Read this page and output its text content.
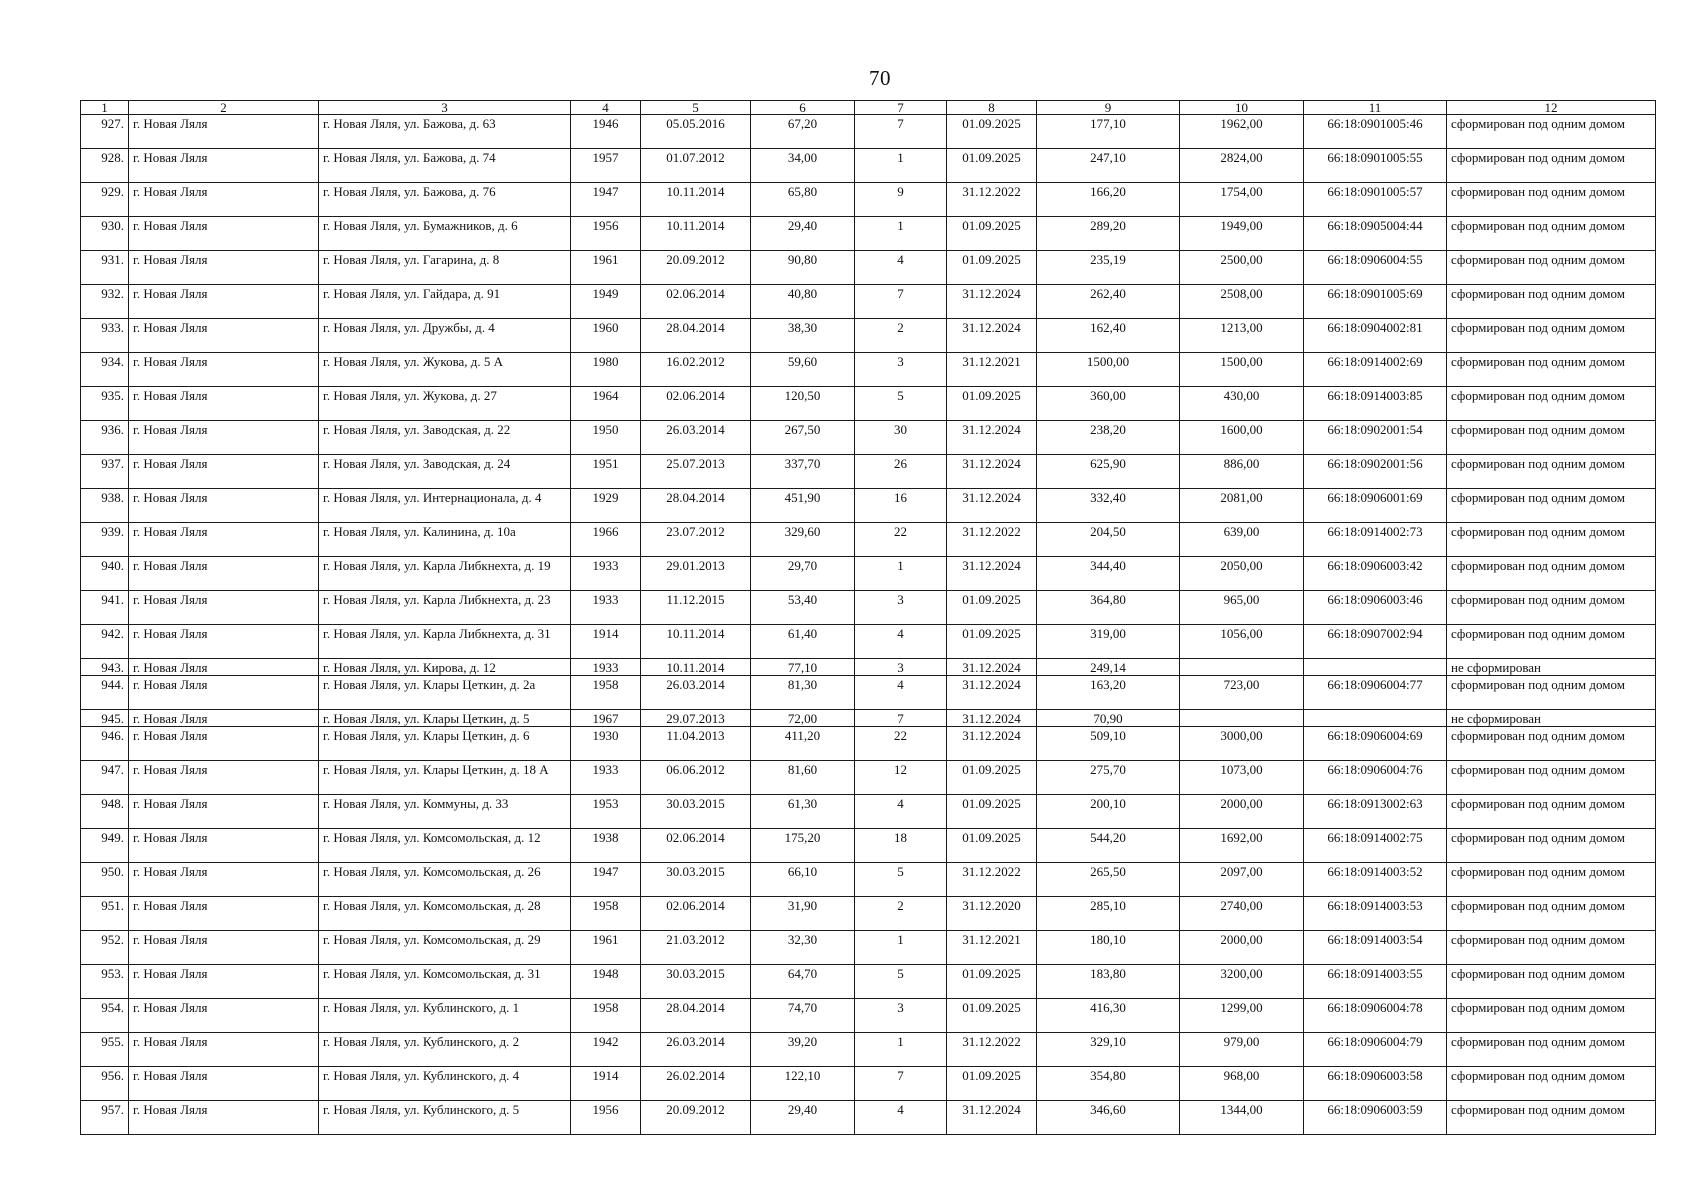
70
1	2	3	4	5	6	7	8	9	10	11	12
927.	г. Новая Ляля	г. Новая Ляля, ул. Бажова, д. 63	1946	05.05.2016	67,20	7	01.09.2025	177,10	1962,00	66:18:0901005:46	сформирован под одним домом
928.	г. Новая Ляля	г. Новая Ляля, ул. Бажова, д. 74	1957	01.07.2012	34,00	1	01.09.2025	247,10	2824,00	66:18:0901005:55	сформирован под одним домом
929.	г. Новая Ляля	г. Новая Ляля, ул. Бажова, д. 76	1947	10.11.2014	65,80	9	31.12.2022	166,20	1754,00	66:18:0901005:57	сформирован под одним домом
930.	г. Новая Ляля	г. Новая Ляля, ул. Бумажников, д. 6	1956	10.11.2014	29,40	1	01.09.2025	289,20	1949,00	66:18:0905004:44	сформирован под одним домом
931.	г. Новая Ляля	г. Новая Ляля, ул. Гагарина, д. 8	1961	20.09.2012	90,80	4	01.09.2025	235,19	2500,00	66:18:0906004:55	сформирован под одним домом
932.	г. Новая Ляля	г. Новая Ляля, ул. Гайдара, д. 91	1949	02.06.2014	40,80	7	31.12.2024	262,40	2508,00	66:18:0901005:69	сформирован под одним домом
933.	г. Новая Ляля	г. Новая Ляля, ул. Дружбы, д. 4	1960	28.04.2014	38,30	2	31.12.2024	162,40	1213,00	66:18:0904002:81	сформирован под одним домом
934.	г. Новая Ляля	г. Новая Ляля, ул. Жукова, д. 5 А	1980	16.02.2012	59,60	3	31.12.2021	1500,00	1500,00	66:18:0914002:69	сформирован под одним домом
935.	г. Новая Ляля	г. Новая Ляля, ул. Жукова, д. 27	1964	02.06.2014	120,50	5	01.09.2025	360,00	430,00	66:18:0914003:85	сформирован под одним домом
936.	г. Новая Ляля	г. Новая Ляля, ул. Заводская, д. 22	1950	26.03.2014	267,50	30	31.12.2024	238,20	1600,00	66:18:0902001:54	сформирован под одним домом
937.	г. Новая Ляля	г. Новая Ляля, ул. Заводская, д. 24	1951	25.07.2013	337,70	26	31.12.2024	625,90	886,00	66:18:0902001:56	сформирован под одним домом
938.	г. Новая Ляля	г. Новая Ляля, ул. Интернационала, д. 4	1929	28.04.2014	451,90	16	31.12.2024	332,40	2081,00	66:18:0906001:69	сформирован под одним домом
939.	г. Новая Ляля	г. Новая Ляля, ул. Калинина, д. 10а	1966	23.07.2012	329,60	22	31.12.2022	204,50	639,00	66:18:0914002:73	сформирован под одним домом
940.	г. Новая Ляля	г. Новая Ляля, ул. Карла Либкнехта, д. 19	1933	29.01.2013	29,70	1	31.12.2024	344,40	2050,00	66:18:0906003:42	сформирован под одним домом
941.	г. Новая Ляля	г. Новая Ляля, ул. Карла Либкнехта, д. 23	1933	11.12.2015	53,40	3	01.09.2025	364,80	965,00	66:18:0906003:46	сформирован под одним домом
942.	г. Новая Ляля	г. Новая Ляля, ул. Карла Либкнехта, д. 31	1914	10.11.2014	61,40	4	01.09.2025	319,00	1056,00	66:18:0907002:94	сформирован под одним домом
943.	г. Новая Ляля	г. Новая Ляля, ул. Кирова, д. 12	1933	10.11.2014	77,10	3	31.12.2024	249,14			не сформирован
944.	г. Новая Ляля	г. Новая Ляля, ул. Клары Цеткин, д. 2а	1958	26.03.2014	81,30	4	31.12.2024	163,20	723,00	66:18:0906004:77	сформирован под одним домом
945.	г. Новая Ляля	г. Новая Ляля, ул. Клары Цеткин, д. 5	1967	29.07.2013	72,00	7	31.12.2024	70,90			не сформирован
946.	г. Новая Ляля	г. Новая Ляля, ул. Клары Цеткин, д. 6	1930	11.04.2013	411,20	22	31.12.2024	509,10	3000,00	66:18:0906004:69	сформирован под одним домом
947.	г. Новая Ляля	г. Новая Ляля, ул. Клары Цеткин, д. 18 А	1933	06.06.2012	81,60	12	01.09.2025	275,70	1073,00	66:18:0906004:76	сформирован под одним домом
948.	г. Новая Ляля	г. Новая Ляля, ул. Коммуны, д. 33	1953	30.03.2015	61,30	4	01.09.2025	200,10	2000,00	66:18:0913002:63	сформирован под одним домом
949.	г. Новая Ляля	г. Новая Ляля, ул. Комсомольская, д. 12	1938	02.06.2014	175,20	18	01.09.2025	544,20	1692,00	66:18:0914002:75	сформирован под одним домом
950.	г. Новая Ляля	г. Новая Ляля, ул. Комсомольская, д. 26	1947	30.03.2015	66,10	5	31.12.2022	265,50	2097,00	66:18:0914003:52	сформирован под одним домом
951.	г. Новая Ляля	г. Новая Ляля, ул. Комсомольская, д. 28	1958	02.06.2014	31,90	2	31.12.2020	285,10	2740,00	66:18:0914003:53	сформирован под одним домом
952.	г. Новая Ляля	г. Новая Ляля, ул. Комсомольская, д. 29	1961	21.03.2012	32,30	1	31.12.2021	180,10	2000,00	66:18:0914003:54	сформирован под одним домом
953.	г. Новая Ляля	г. Новая Ляля, ул. Комсомольская, д. 31	1948	30.03.2015	64,70	5	01.09.2025	183,80	3200,00	66:18:0914003:55	сформирован под одним домом
954.	г. Новая Ляля	г. Новая Ляля, ул. Кублинского, д. 1	1958	28.04.2014	74,70	3	01.09.2025	416,30	1299,00	66:18:0906004:78	сформирован под одним домом
955.	г. Новая Ляля	г. Новая Ляля, ул. Кублинского, д. 2	1942	26.03.2014	39,20	1	31.12.2022	329,10	979,00	66:18:0906004:79	сформирован под одним домом
956.	г. Новая Ляля	г. Новая Ляля, ул. Кублинского, д. 4	1914	26.02.2014	122,10	7	01.09.2025	354,80	968,00	66:18:0906003:58	сформирован под одним домом
957.	г. Новая Ляля	г. Новая Ляля, ул. Кублинского, д. 5	1956	20.09.2012	29,40	4	31.12.2024	346,60	1344,00	66:18:0906003:59	сформирован под одним домом
